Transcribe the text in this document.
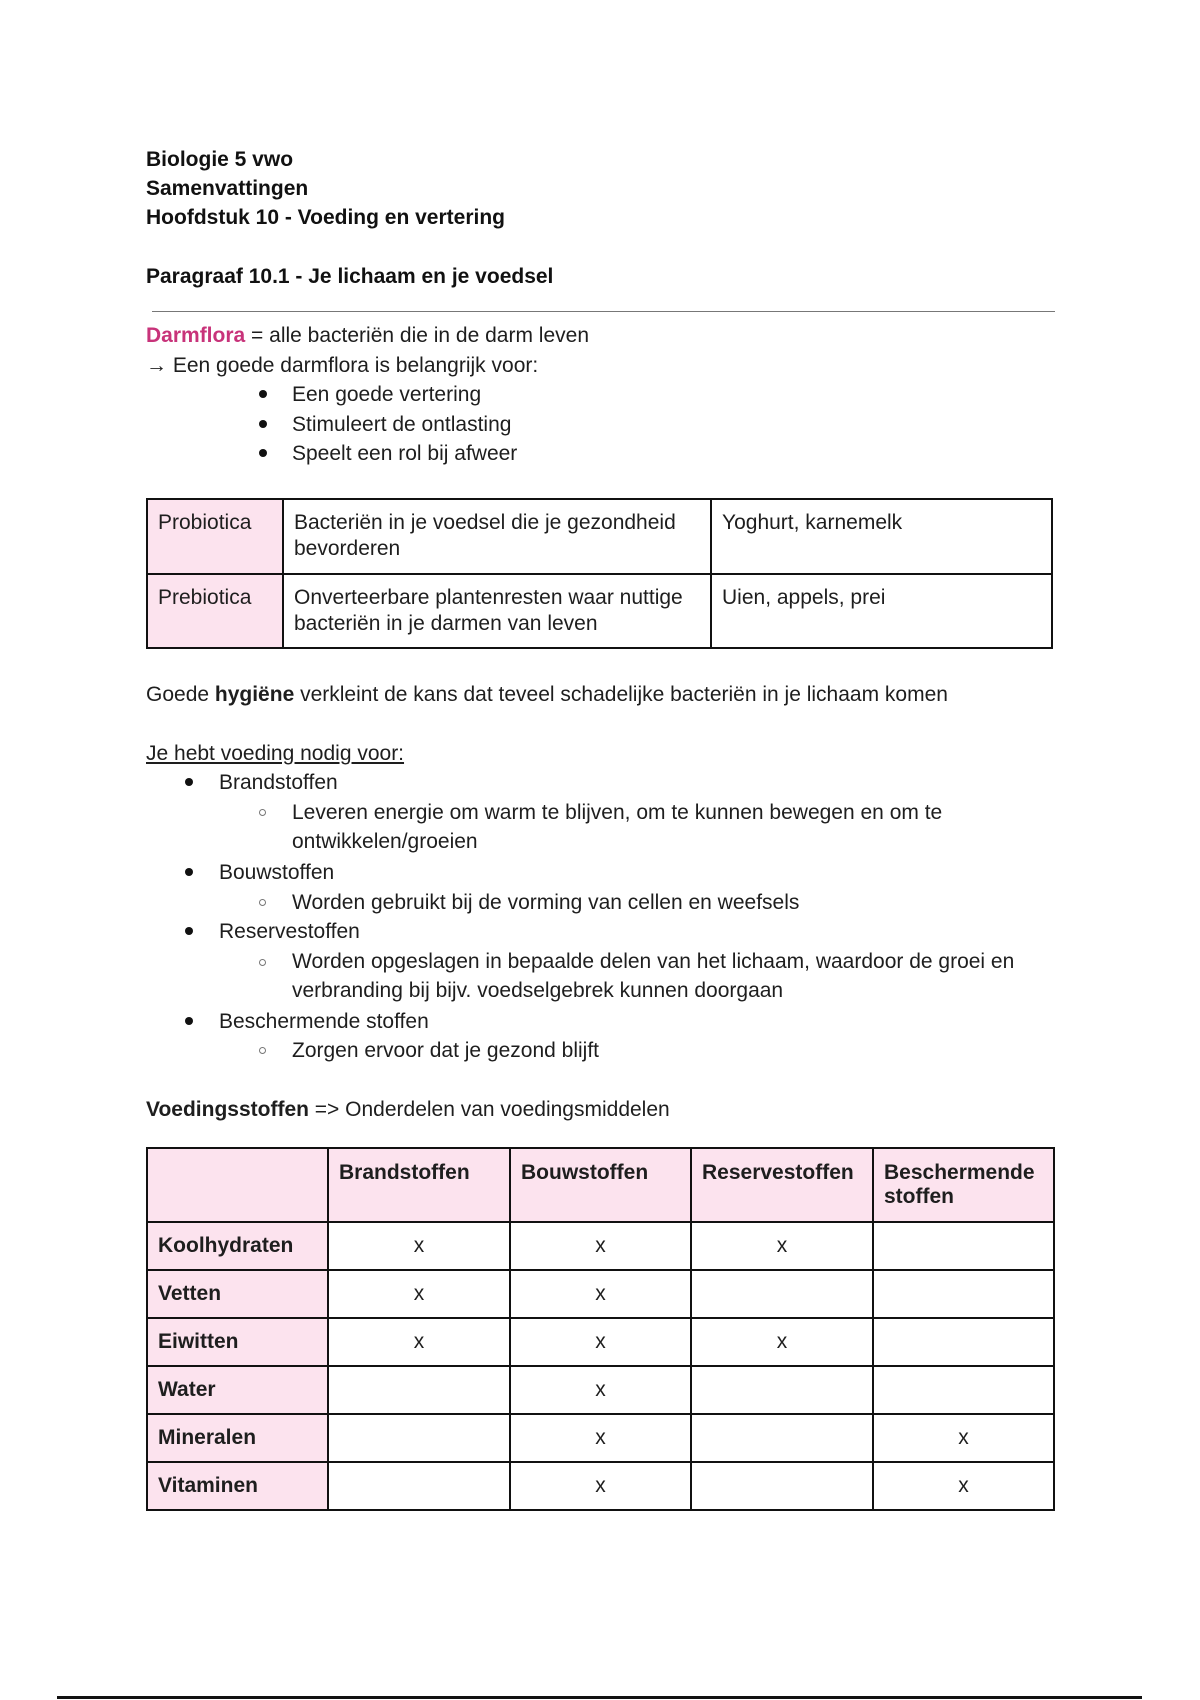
Biologie 5 vwo
Samenvattingen
Hoofdstuk 10 - Voeding en vertering
Paragraaf 10.1 - Je lichaam en je voedsel
Darmflora = alle bacteriën die in de darm leven
→ Een goede darmflora is belangrijk voor:
Een goede vertering
Stimuleert de ontlasting
Speelt een rol bij afweer
Probiotica	Bacteriën in je voedsel die je gezondheid bevorderen	Yoghurt, karnemelk
Prebiotica	Onverteerbare plantenresten waar nuttige bacteriën in je darmen van leven	Uien, appels, prei
Goede hygiëne verkleint de kans dat teveel schadelijke bacteriën in je lichaam komen
Je hebt voeding nodig voor:
Brandstoffen
Leveren energie om warm te blijven, om te kunnen bewegen en om te
ontwikkelen/groeien
Bouwstoffen
Worden gebruikt bij de vorming van cellen en weefsels
Reservestoffen
Worden opgeslagen in bepaalde delen van het lichaam, waardoor de groei en
verbranding bij bijv. voedselgebrek kunnen doorgaan
Beschermende stoffen
Zorgen ervoor dat je gezond blijft
Voedingsstoffen => Onderdelen van voedingsmiddelen
	Brandstoffen	Bouwstoffen	Reservestoffen	Beschermende stoffen
Koolhydraten	x	x	x	
Vetten	x	x		
Eiwitten	x	x	x	
Water		x		
Mineralen		x		x
Vitaminen		x		x
